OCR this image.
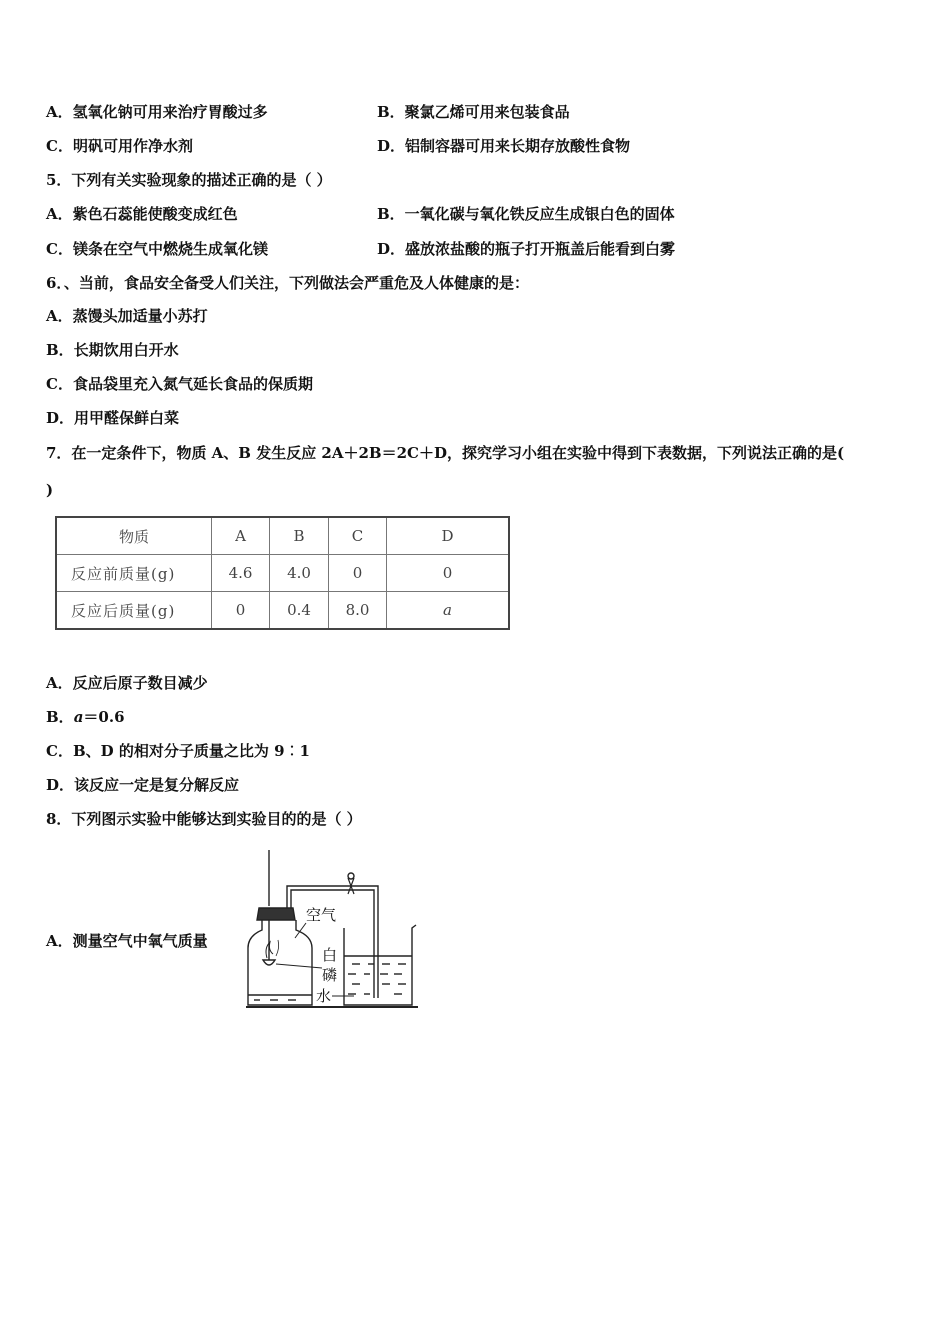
A．氢氧化钠可用来治疗胃酸过多	B．聚氯乙烯可用来包装食品
C．明矾可用作净水剂	D．铝制容器可用来长期存放酸性食物
5．下列有关实验现象的描述正确的是（ ）
A．紫色石蕊能使酸变成红色	B．一氧化碳与氧化铁反应生成银白色的固体
C．镁条在空气中燃烧生成氧化镁	D．盛放浓盐酸的瓶子打开瓶盖后能看到白雾
6．、当前，食品安全备受人们关注，下列做法会严重危及人体健康的是：
A．蒸馒头加适量小苏打
B．长期饮用白开水
C．食品袋里充入氮气延长食品的保质期
D．用甲醛保鲜白菜
7．在一定条件下，物质 A、B 发生反应 2A＋2B＝2C＋D，探究学习小组在实验中得到下表数据，下列说法正确的是(
)
物质	A	B	C	D
反应前质量(g)	4.6	4.0	0	0
反应后质量(g)	0	0.4	8.0	a
A．反应后原子数目减少
B．a＝0.6
C．B、D 的相对分子质量之比为 9︰1
D．该反应一定是复分解反应
8．下列图示实验中能够达到实验目的的是（ ）
A．测量空气中氧气质量
空气
白
磷
水
